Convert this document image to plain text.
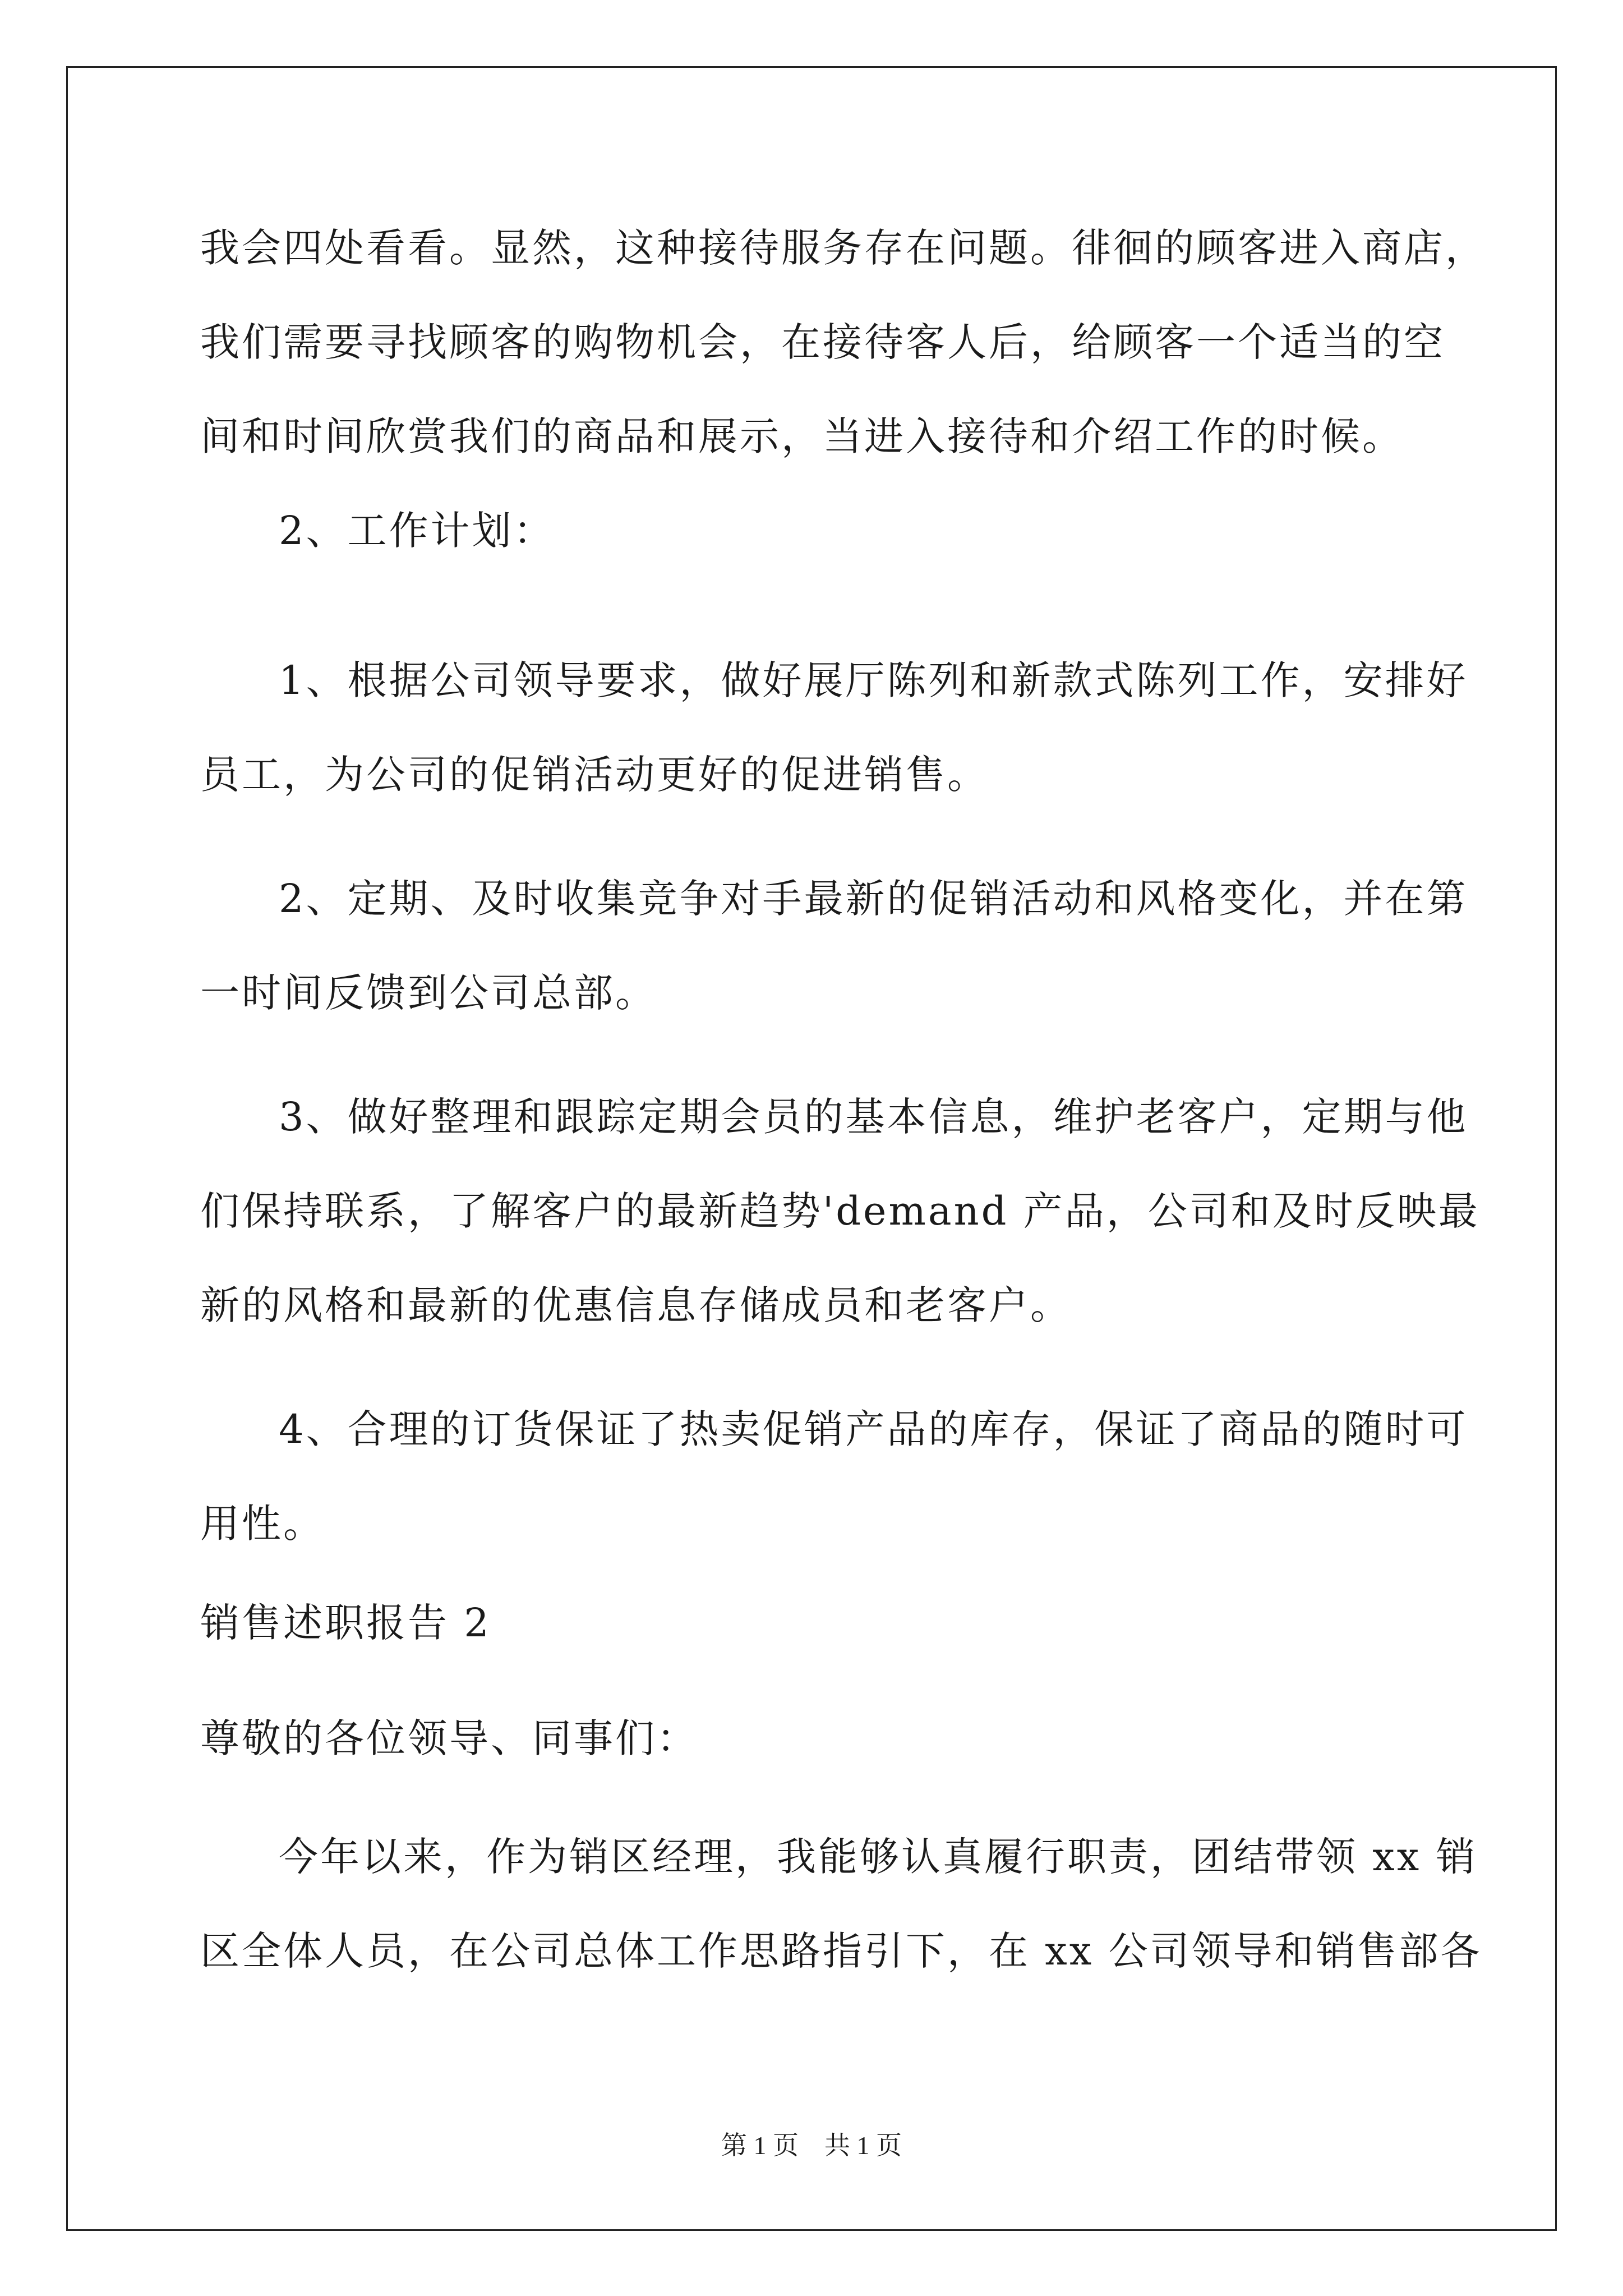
我会四处看看。显然，这种接待服务存在问题。徘徊的顾客进入商店，
我们需要寻找顾客的购物机会，在接待客人后，给顾客一个适当的空
间和时间欣赏我们的商品和展示，当进入接待和介绍工作的时候。
2、工作计划：
1、根据公司领导要求，做好展厅陈列和新款式陈列工作，安排好
员工，为公司的促销活动更好的促进销售。
2、定期、及时收集竞争对手最新的促销活动和风格变化，并在第
一时间反馈到公司总部。
3、做好整理和跟踪定期会员的基本信息，维护老客户，定期与他
们保持联系，了解客户的最新趋势'demand 产品，公司和及时反映最
新的风格和最新的优惠信息存储成员和老客户。
4、合理的订货保证了热卖促销产品的库存，保证了商品的随时可
用性。
销售述职报告 2
尊敬的各位领导、同事们：
今年以来，作为销区经理，我能够认真履行职责，团结带领 xx 销
区全体人员，在公司总体工作思路指引下，在 xx 公司领导和销售部各
第 1 页　共 1 页
